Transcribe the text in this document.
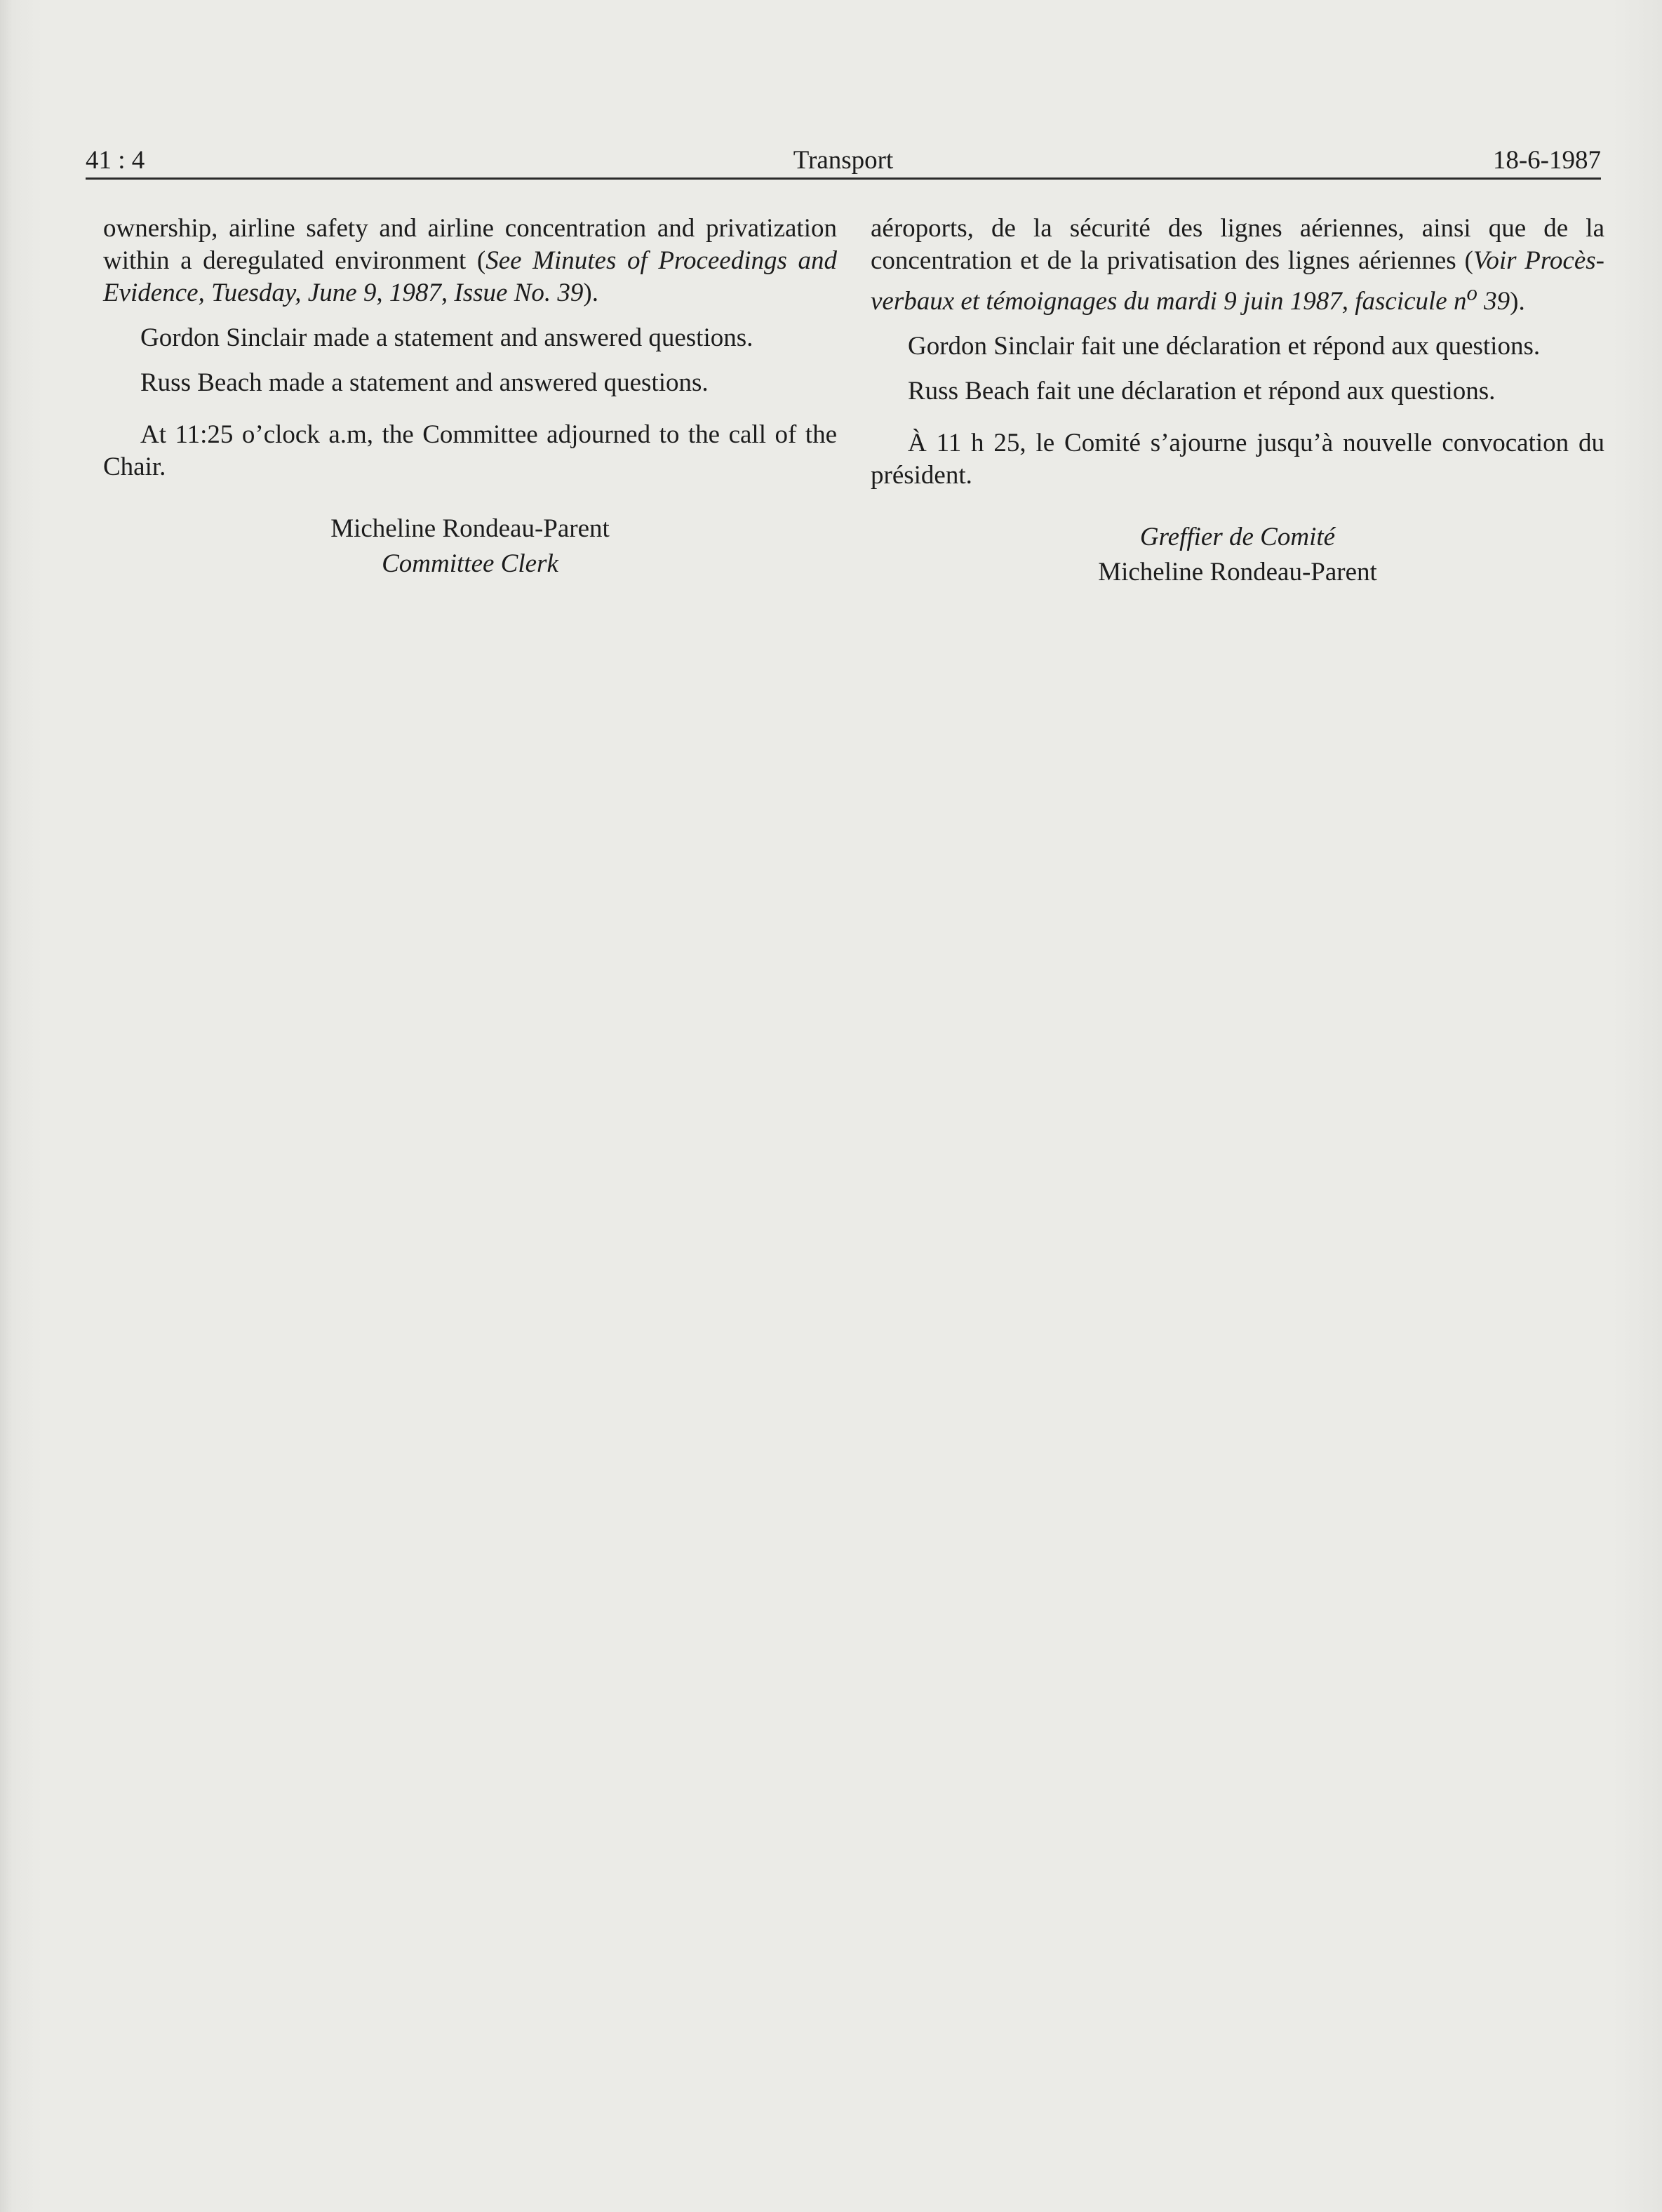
41 : 4	Transport	18-6-1987

ownership, airline safety and airline concentration and privatization within a deregulated environment (See Minutes of Proceedings and Evidence, Tuesday, June 9, 1987, Issue No. 39).

Gordon Sinclair made a statement and answered questions.

Russ Beach made a statement and answered questions.

At 11:25 o’clock a.m, the Committee adjourned to the call of the Chair.

Micheline Rondeau-Parent
Committee Clerk

aéroports, de la sécurité des lignes aériennes, ainsi que de la concentration et de la privatisation des lignes aériennes (Voir Procès-verbaux et témoignages du mardi 9 juin 1987, fascicule $n^o$ 39).

Gordon Sinclair fait une déclaration et répond aux questions.

Russ Beach fait une déclaration et répond aux questions.

À 11 h 25, le Comité s’ajourne jusqu’à nouvelle convocation du président.

Greffier de Comité
Micheline Rondeau-Parent
